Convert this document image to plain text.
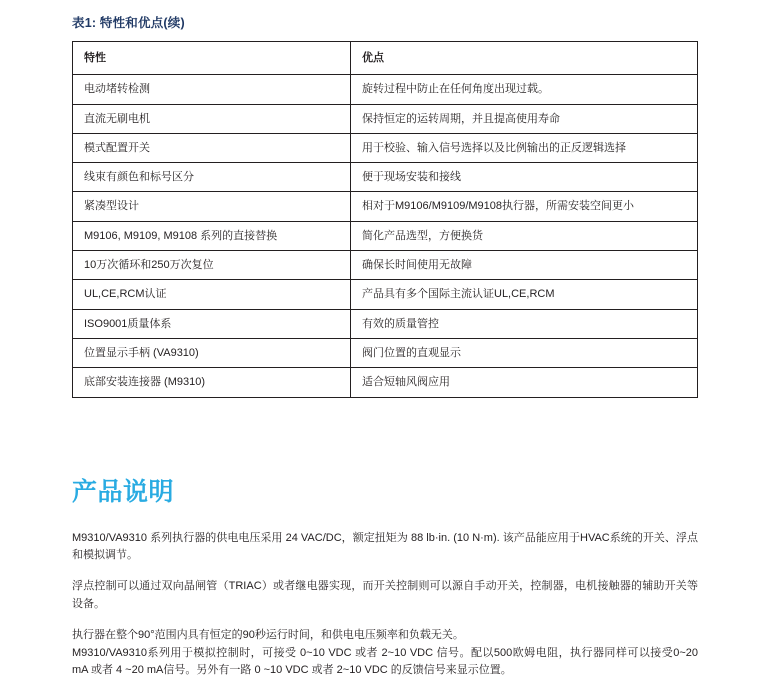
表1: 特性和优点(续)
特性	优点
电动堵转检测	旋转过程中防止在任何角度出现过载。
直流无刷电机	保持恒定的运转周期，并且提高使用寿命
模式配置开关	用于校验、输入信号选择以及比例输出的正反逻辑选择
线束有颜色和标号区分	便于现场安装和接线
紧凑型设计	相对于M9106/M9109/M9108执行器，所需安装空间更小
M9106, M9109, M9108 系列的直接替换	简化产品选型，方便换货
10万次循环和250万次复位	确保长时间使用无故障
UL,CE,RCM认证	产品具有多个国际主流认证UL,CE,RCM
ISO9001质量体系	有效的质量管控
位置显示手柄 (VA9310)	阀门位置的直观显示
底部安装连接器 (M9310)	适合短轴风阀应用
产品说明

M9310/VA9310 系列执行器的供电电压采用 24 VAC/DC，额定扭矩为 88 lb·in. (10 N·m). 该产品能应用于HVAC系统的开关、浮点和模拟调节。

浮点控制可以通过双向晶闸管（TRIAC）或者继电器实现，而开关控制则可以源自手动开关，控制器，电机接触器的辅助开关等设备。

执行器在整个90°范围内具有恒定的90秒运行时间，和供电电压频率和负载无关。

M9310/VA9310系列用于模拟控制时，可接受 0~10 VDC 或者 2~10 VDC 信号。配以500欧姆电阻，执行器同样可以接受0~20 mA 或者 4 ~20 mA信号。另外有一路 0 ~10 VDC 或者 2~10 VDC 的反馈信号来显示位置。
